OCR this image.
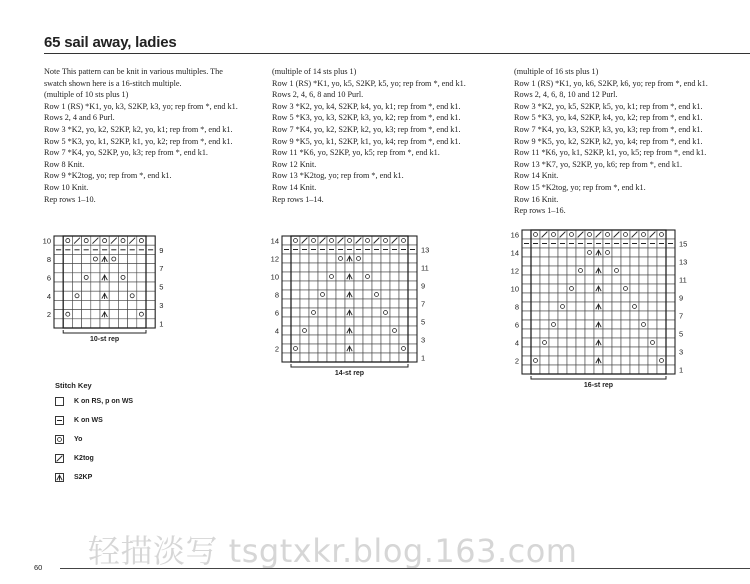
65 sail away, ladies
Note This pattern can be knit in various multiples. The
swatch shown here is a 16-stitch multiple.
(multiple of 10 sts plus 1)
Row 1 (RS) *K1, yo, k3, S2KP, k3, yo; rep from *, end k1.
Rows 2, 4 and 6 Purl.
Row 3 *K2, yo, k2, S2KP, k2, yo, k1; rep from *, end k1.
Row 5 *K3, yo, k1, S2KP, k1, yo, k2; rep from *, end k1.
Row 7 *K4, yo, S2KP, yo, k3; rep from *, end k1.
Row 8 Knit.
Row 9 *K2tog, yo; rep from *, end k1.
Row 10 Knit.
Rep rows 1–10.
(multiple of 14 sts plus 1)
Row 1 (RS) *K1, yo, k5, S2KP, k5, yo; rep from *, end k1.
Rows 2, 4, 6, 8 and 10 Purl.
Row 3 *K2, yo, k4, S2KP, k4, yo, k1; rep from *, end k1.
Row 5 *K3, yo, k3, S2KP, k3, yo, k2; rep from *, end k1.
Row 7 *K4, yo, k2, S2KP, k2, yo, k3; rep from *, end k1.
Row 9 *K5, yo, k1, S2KP, k1, yo, k4; rep from *, end k1.
Row 11 *K6, yo, S2KP, yo, k5; rep from *, end k1.
Row 12 Knit.
Row 13 *K2tog, yo; rep from *, end k1.
Row 14 Knit.
Rep rows 1–14.
(multiple of 16 sts plus 1)
Row 1 (RS) *K1, yo, k6, S2KP, k6, yo; rep from *, end k1.
Rows 2, 4, 6, 8, 10 and 12 Purl.
Row 3 *K2, yo, k5, S2KP, k5, yo, k1; rep from *, end k1.
Row 5 *K3, yo, k4, S2KP, k4, yo, k2; rep from *, end k1.
Row 7 *K4, yo, k3, S2KP, k3, yo, k3; rep from *, end k1.
Row 9 *K5, yo, k2, S2KP, k2, yo, k4; rep from *, end k1.
Row 11 *K6, yo, k1, S2KP, k1, yo, k5; rep from *, end k1.
Row 13 *K7, yo, S2KP, yo, k6; rep from *, end k1.
Row 14 Knit.
Row 15 *K2tog, yo; rep from *, end k1.
Row 16 Knit.
Rep rows 1–16.
1
3
5
7
9
2
4
6
8
10
10-st rep
1
3
5
7
9
11
13
2
4
6
8
10
12
14
14-st rep	1
3
5
7
9
11
13
15
2
4
6
8
10
12
14
16
16-st rep
Stitch Key
K on RS, p on WS
K on WS
Yo
K2tog
S2KP
轻描淡写 tsgtxkr.blog.163.com
60
